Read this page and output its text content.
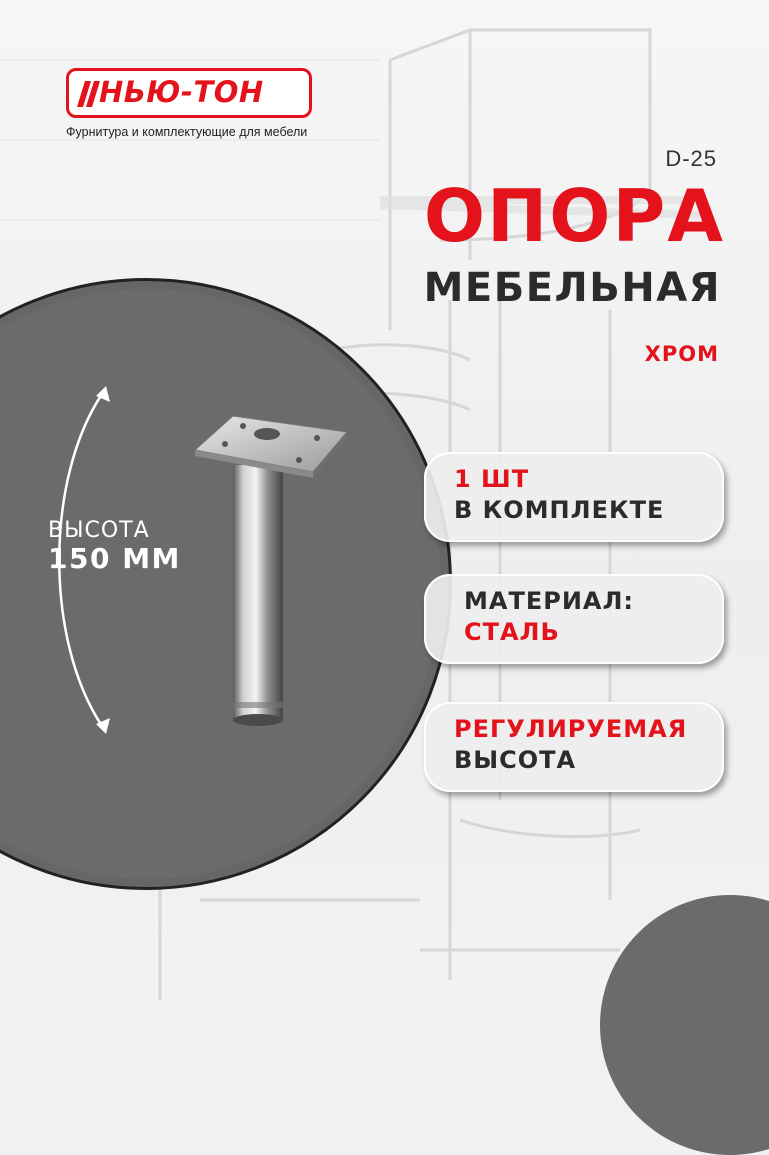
НЬЮ-ТОН
Фурнитура и комплектующие для мебели
D-25
ОПОРА
МЕБЕЛЬНАЯ
ХРОМ
ВЫСОТА
150 ММ
1 ШТ
В КОМПЛЕКТЕ
МАТЕРИАЛ:
СТАЛЬ
РЕГУЛИРУЕМАЯ
ВЫСОТА
